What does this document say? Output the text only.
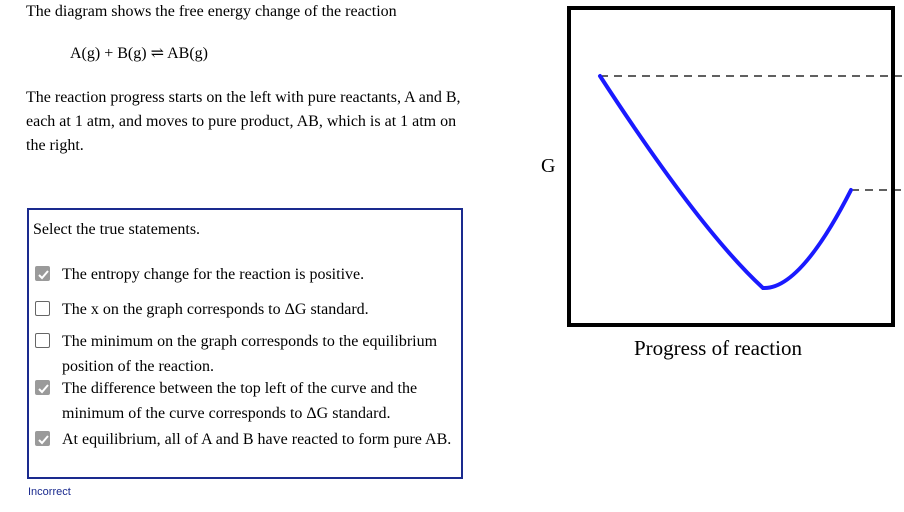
The diagram shows the free energy change of the reaction

A(g) + B(g) ⇌ AB(g)
The reaction progress starts on the left with pure reactants, A and B, each at 1 atm, and moves to pure product, AB, which is at 1 atm on the right.
Select the true statements.
The entropy change for the reaction is positive.
The x on the graph corresponds to ΔG standard.
The minimum on the graph corresponds to the equilibrium position of the reaction.
The difference between the top left of the curve and the minimum of the curve corresponds to ΔG standard.
At equilibrium, all of A and B have reacted to form pure AB.
Incorrect
G
Progress of reaction
